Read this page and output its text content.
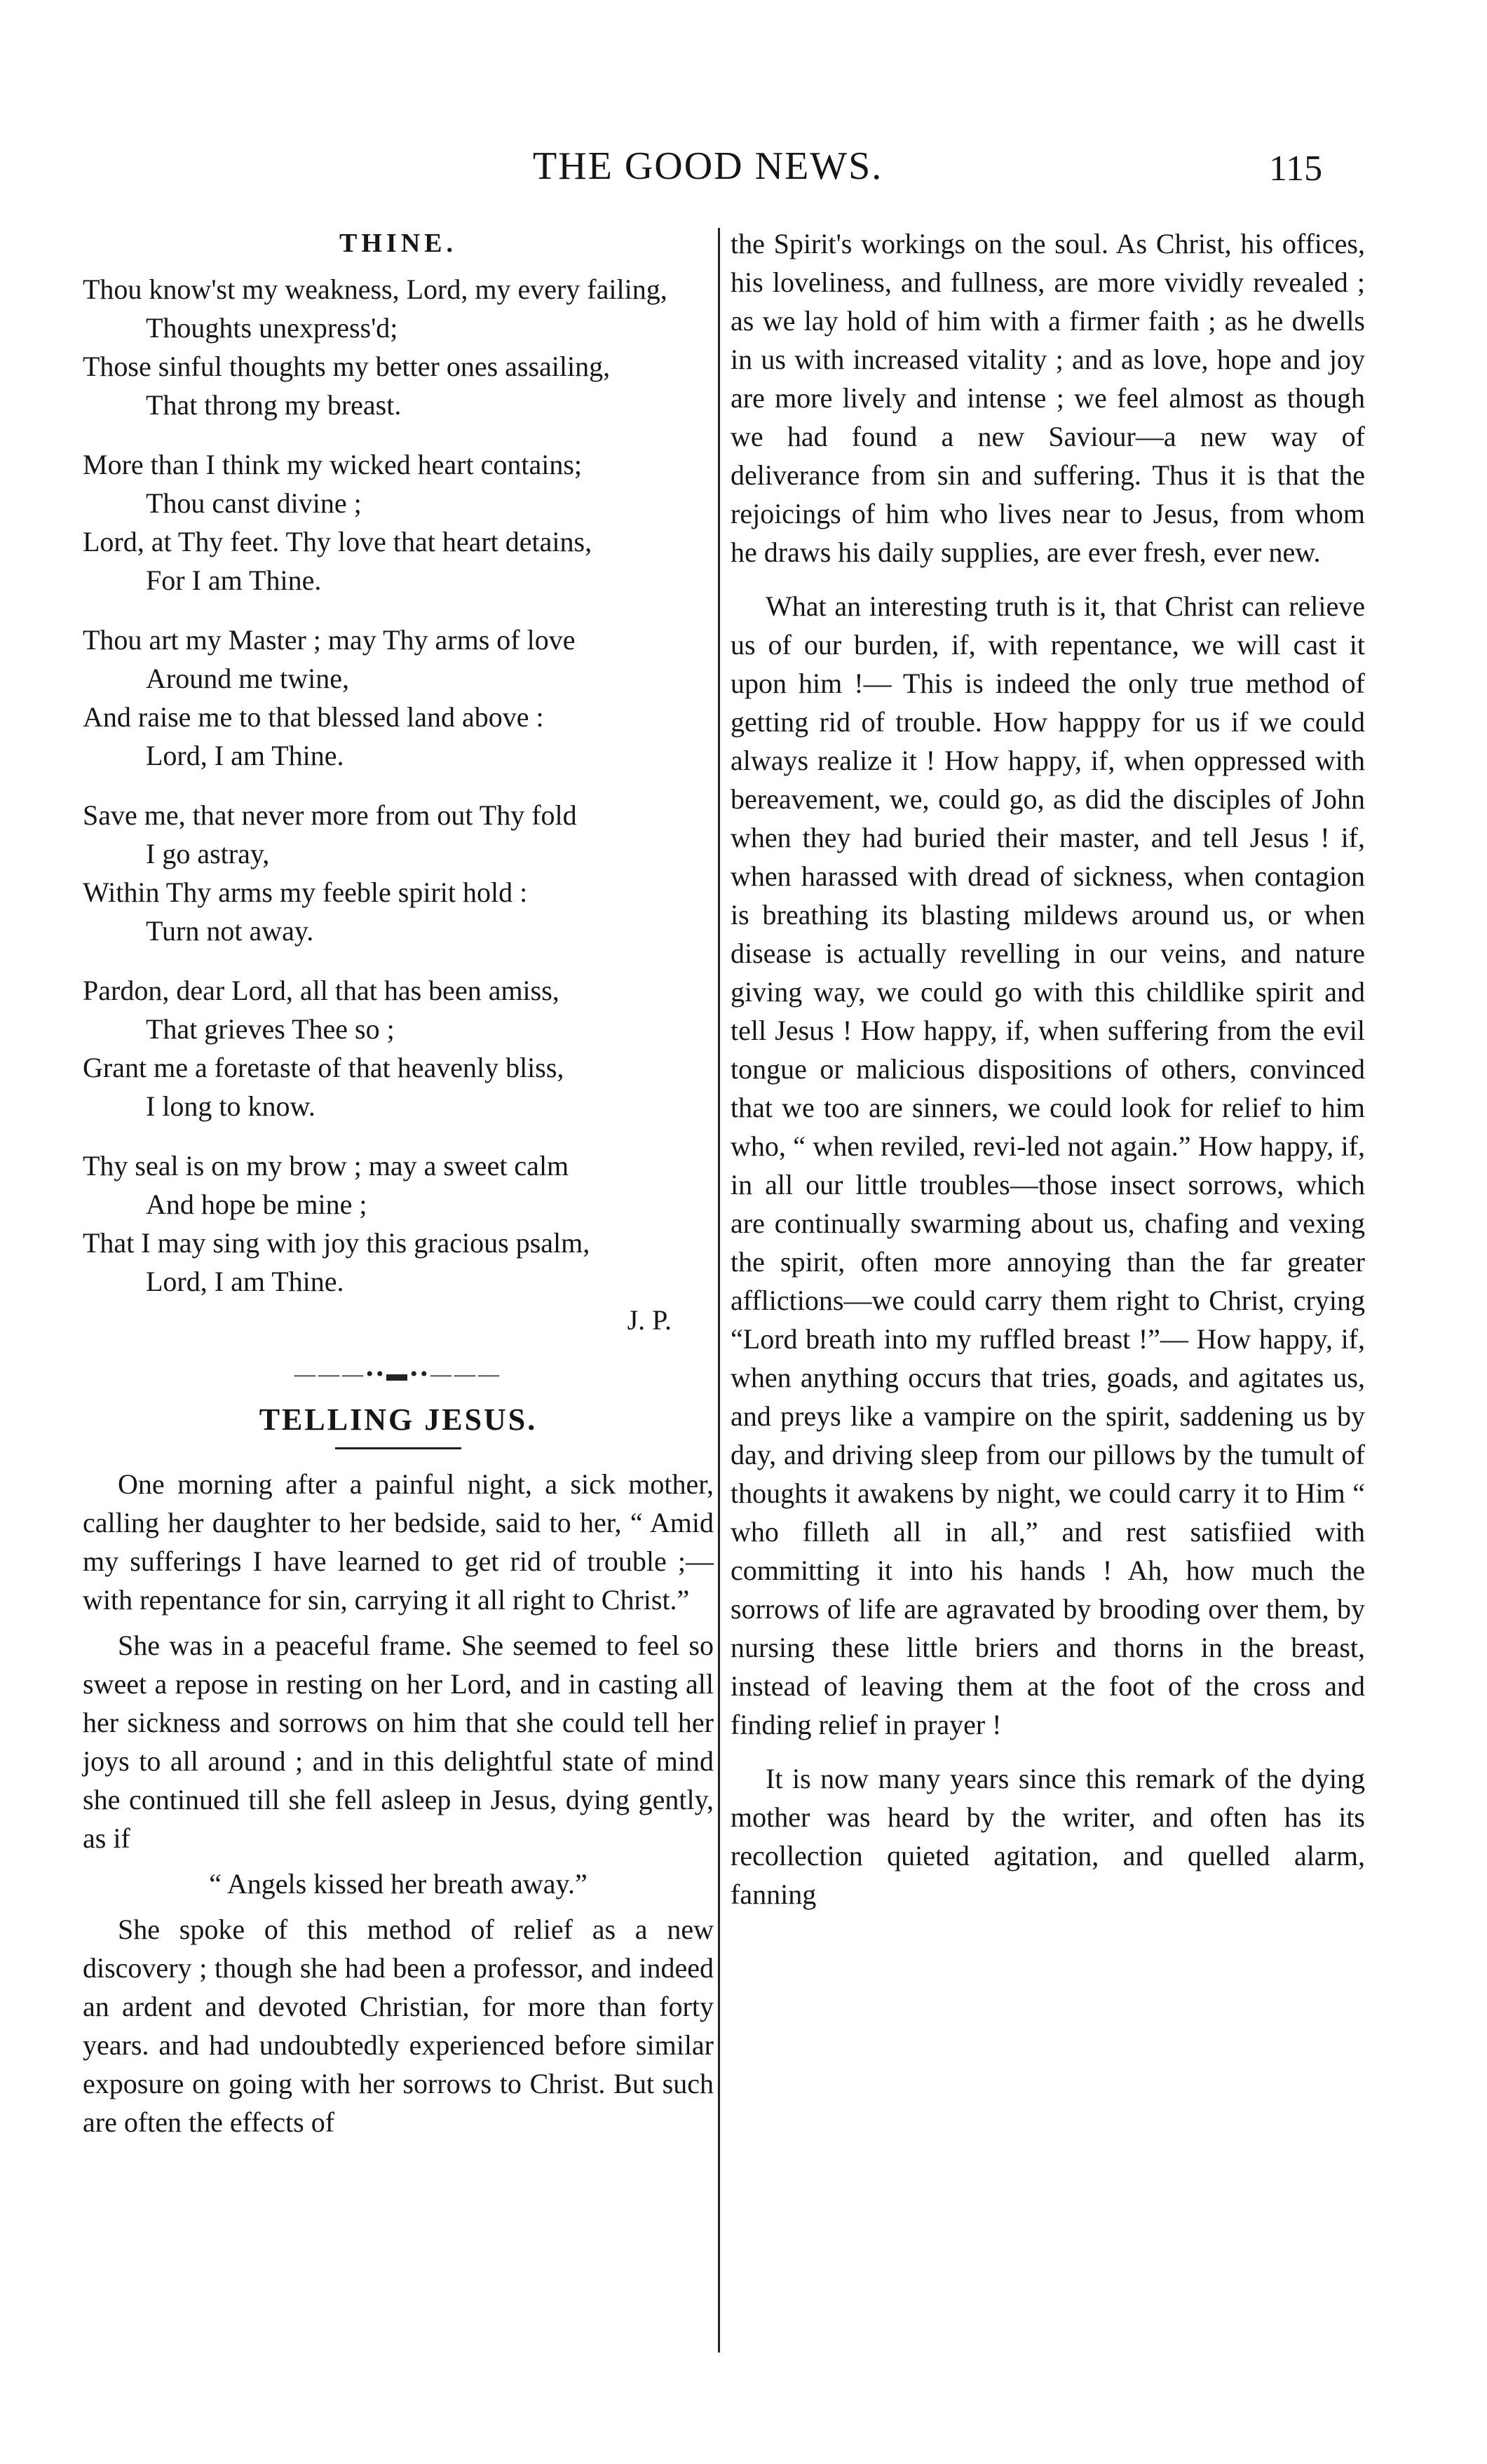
THE GOOD NEWS.	115
THINE.
Thou know'st my weakness, Lord, my every failing,
Thoughts unexpress'd;
Those sinful thoughts my better ones assailing,
That throng my breast.
More than I think my wicked heart contains;
Thou canst divine ;
Lord, at Thy feet. Thy love that heart detains,
For I am Thine.
Thou art my Master ; may Thy arms of love
Around me twine,
And raise me to that blessed land above :
Lord, I am Thine.
Save me, that never more from out Thy fold
I go astray,
Within Thy arms my feeble spirit hold :
Turn not away.
Pardon, dear Lord, all that has been amiss,
That grieves Thee so ;
Grant me a foretaste of that heavenly bliss,
I long to know.
Thy seal is on my brow ; may a sweet calm
And hope be mine ;
That I may sing with joy this gracious psalm,
Lord, I am Thine.
J. P.
———••▬••———
TELLING JESUS.

One morning after a painful night, a sick mother, calling her daughter to her bedside, said to her, “ Amid my sufferings I have learned to get rid of trouble ;—with repentance for sin, carrying it all right to Christ.”

She was in a peaceful frame. She seemed to feel so sweet a repose in resting on her Lord, and in casting all her sickness and sorrows on him that she could tell her joys to all around ; and in this delightful state of mind she continued till she fell asleep in Jesus, dying gently, as if

“ Angels kissed her breath away.”

She spoke of this method of relief as a new discovery ; though she had been a professor, and indeed an ardent and devoted Christian, for more than forty years. and had undoubtedly experienced before similar exposure on going with her sorrows to Christ. But such are often the effects of

the Spirit's workings on the soul. As Christ, his offices, his loveliness, and fullness, are more vividly revealed ; as we lay hold of him with a firmer faith ; as he dwells in us with increased vitality ; and as love, hope and joy are more lively and intense ; we feel almost as though we had found a new Saviour—a new way of deliverance from sin and suffering. Thus it is that the rejoicings of him who lives near to Jesus, from whom he draws his daily supplies, are ever fresh, ever new.

What an interesting truth is it, that Christ can relieve us of our burden, if, with repentance, we will cast it upon him !— This is indeed the only true method of getting rid of trouble. How happpy for us if we could always realize it ! How happy, if, when oppressed with bereavement, we, could go, as did the disciples of John when they had buried their master, and tell Jesus ! if, when harassed with dread of sickness, when contagion is breathing its blasting mildews around us, or when disease is actually revelling in our veins, and nature giving way, we could go with this childlike spirit and tell Jesus ! How happy, if, when suffering from the evil tongue or malicious dispositions of others, convinced that we too are sinners, we could look for relief to him who, “ when reviled, revi-led not again.” How happy, if, in all our little troubles—those insect sorrows, which are continually swarming about us, chafing and vexing the spirit, often more annoying than the far greater afflictions—we could carry them right to Christ, crying “Lord breath into my ruffled breast !”— How happy, if, when anything occurs that tries, goads, and agitates us, and preys like a vampire on the spirit, saddening us by day, and driving sleep from our pillows by the tumult of thoughts it awakens by night, we could carry it to Him “ who filleth all in all,” and rest satisfiied with committing it into his hands ! Ah, how much the sorrows of life are agravated by brooding over them, by nursing these little briers and thorns in the breast, instead of leaving them at the foot of the cross and finding relief in prayer !

It is now many years since this remark of the dying mother was heard by the writer, and often has its recollection quieted agitation, and quelled alarm, fanning
